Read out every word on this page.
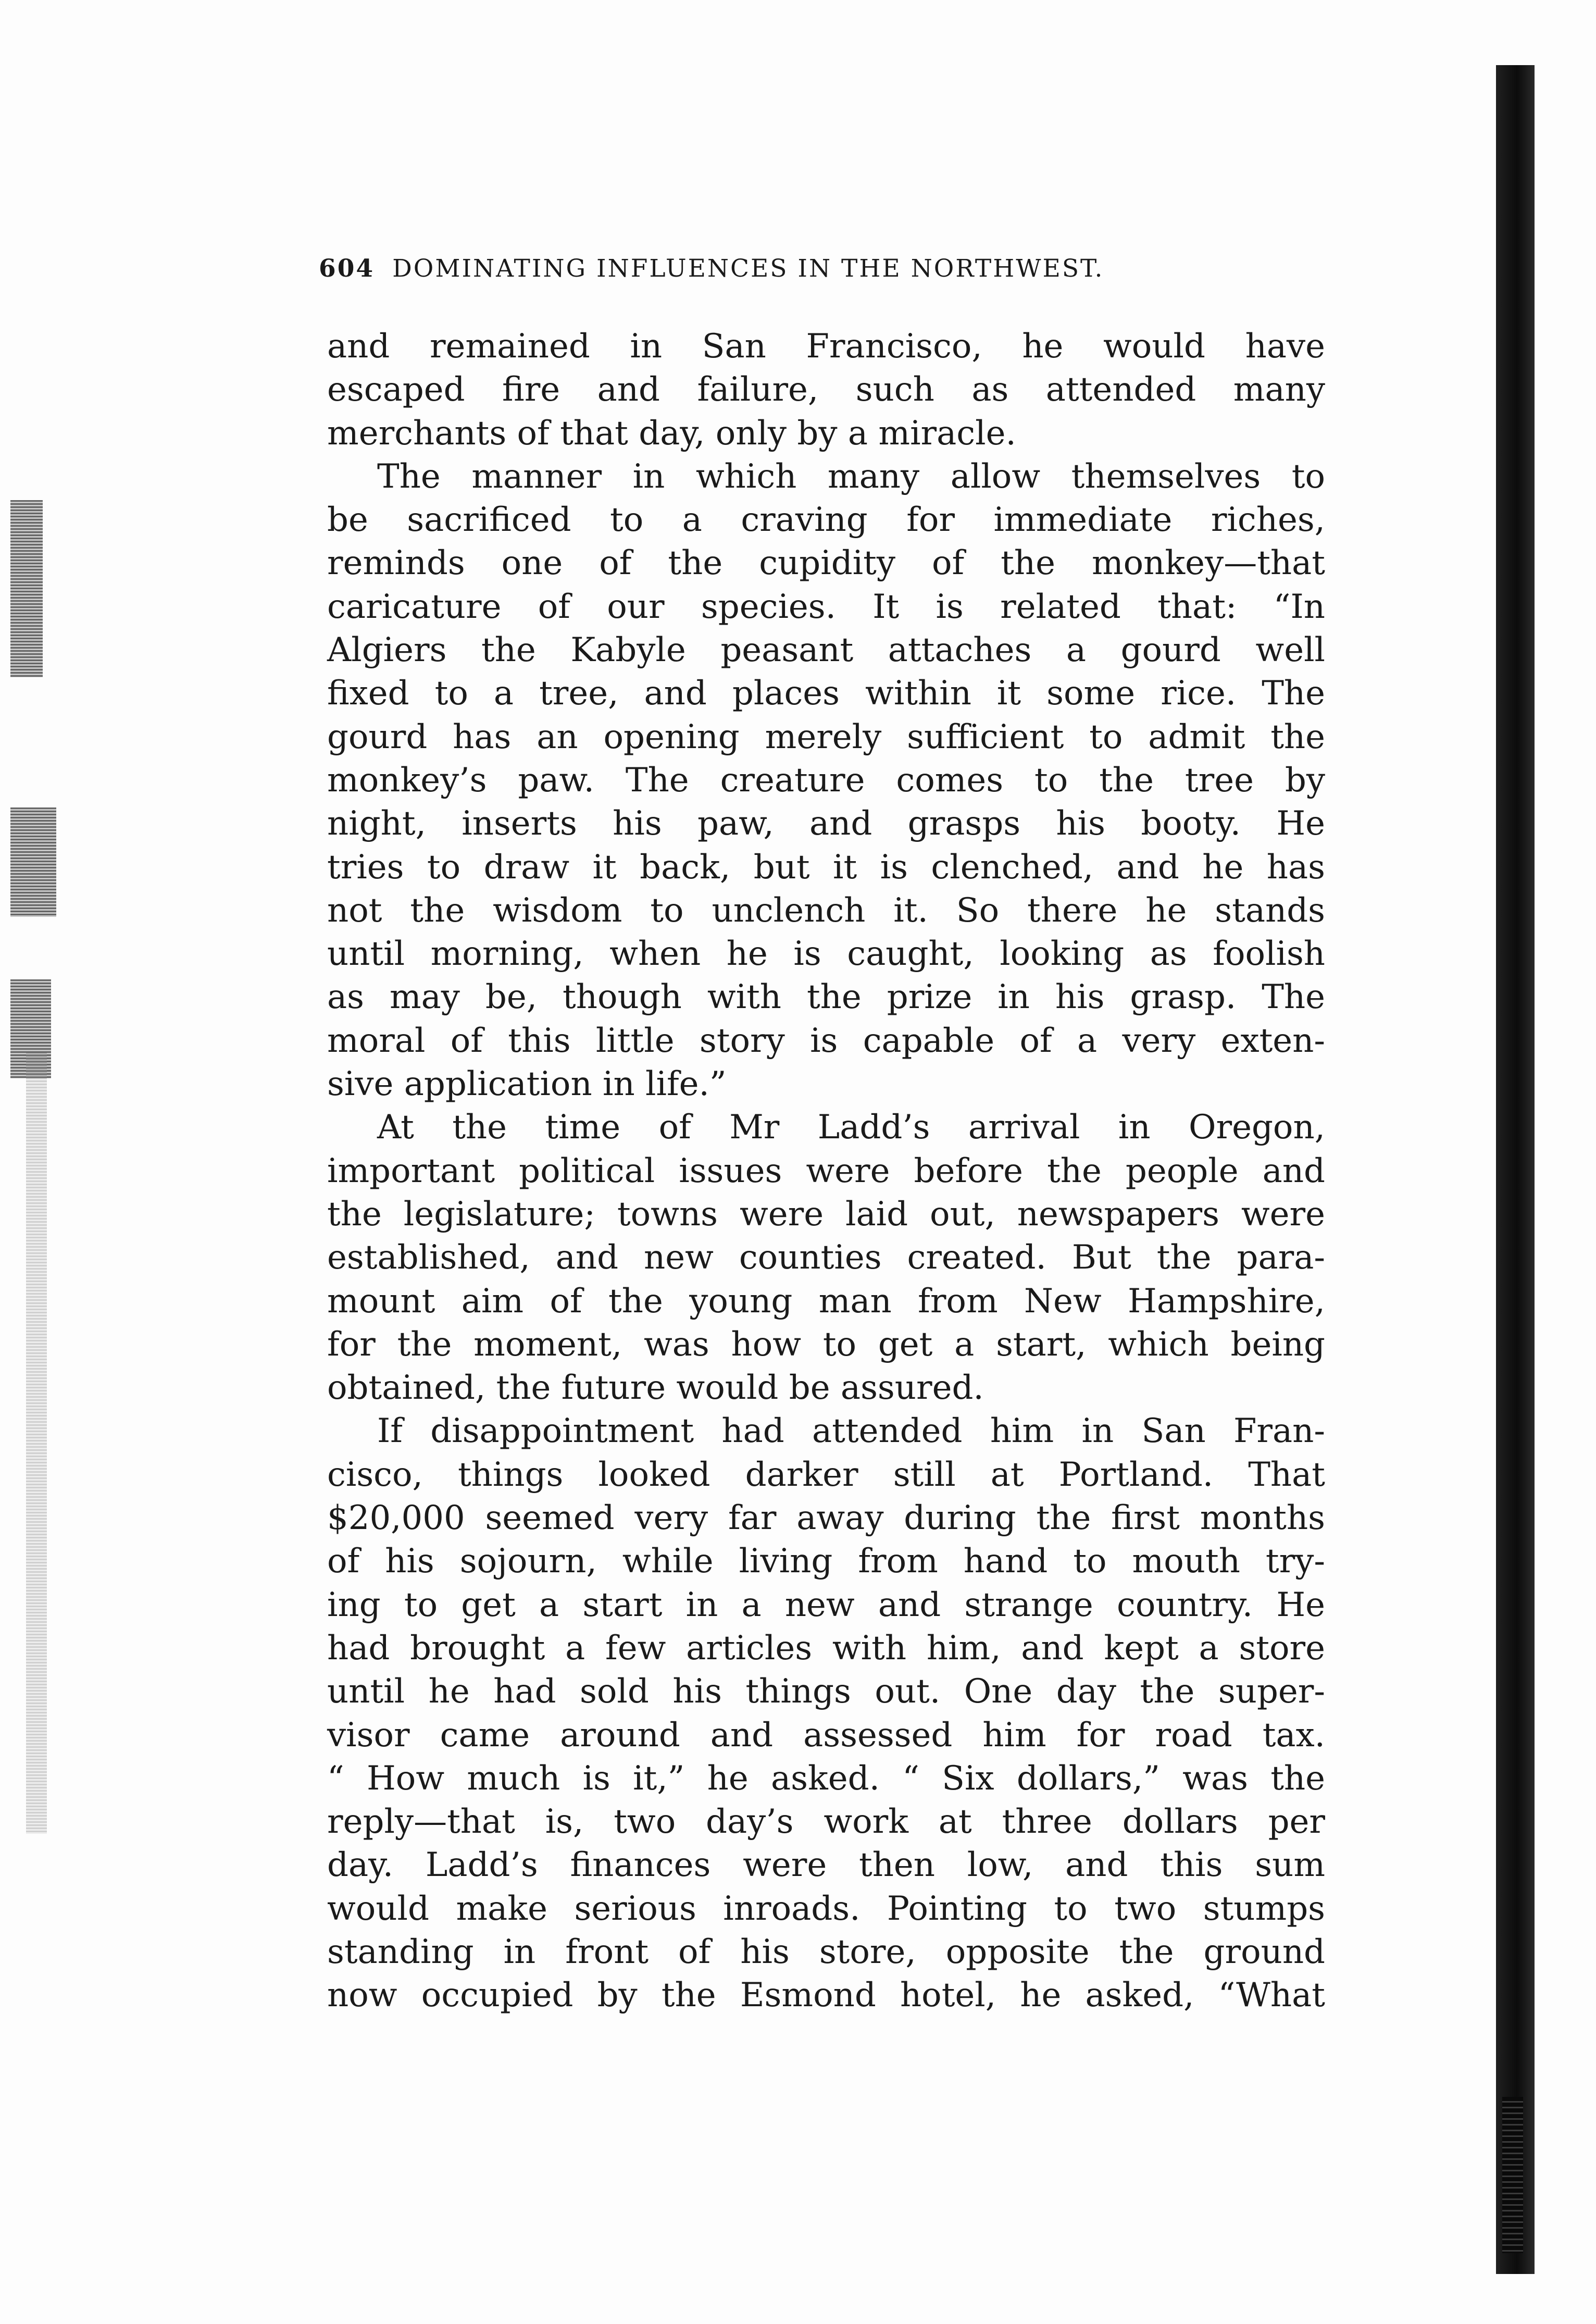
604 DOMINATING INFLUENCES IN THE NORTHWEST.
and remained in San Francisco, he would have
escaped fire and failure, such as attended many
merchants of that day, only by a miracle.
The manner in which many allow themselves to
be sacrificed to a craving for immediate riches,
reminds one of the cupidity of the monkey—that
caricature of our species. It is related that: “In
Algiers the Kabyle peasant attaches a gourd well
fixed to a tree, and places within it some rice. The
gourd has an opening merely sufficient to admit the
monkey’s paw. The creature comes to the tree by
night, inserts his paw, and grasps his booty. He
tries to draw it back, but it is clenched, and he has
not the wisdom to unclench it. So there he stands
until morning, when he is caught, looking as foolish
as may be, though with the prize in his grasp. The
moral of this little story is capable of a very exten-
sive application in life.”
At the time of Mr Ladd’s arrival in Oregon,
important political issues were before the people and
the legislature; towns were laid out, newspapers were
established, and new counties created. But the para-
mount aim of the young man from New Hampshire,
for the moment, was how to get a start, which being
obtained, the future would be assured.
If disappointment had attended him in San Fran-
cisco, things looked darker still at Portland. That
$20,000 seemed very far away during the first months
of his sojourn, while living from hand to mouth try-
ing to get a start in a new and strange country. He
had brought a few articles with him, and kept a store
until he had sold his things out. One day the super-
visor came around and assessed him for road tax.
“ How much is it,” he asked. “ Six dollars,” was the
reply—that is, two day’s work at three dollars per
day. Ladd’s finances were then low, and this sum
would make serious inroads. Pointing to two stumps
standing in front of his store, opposite the ground
now occupied by the Esmond hotel, he asked, “What
